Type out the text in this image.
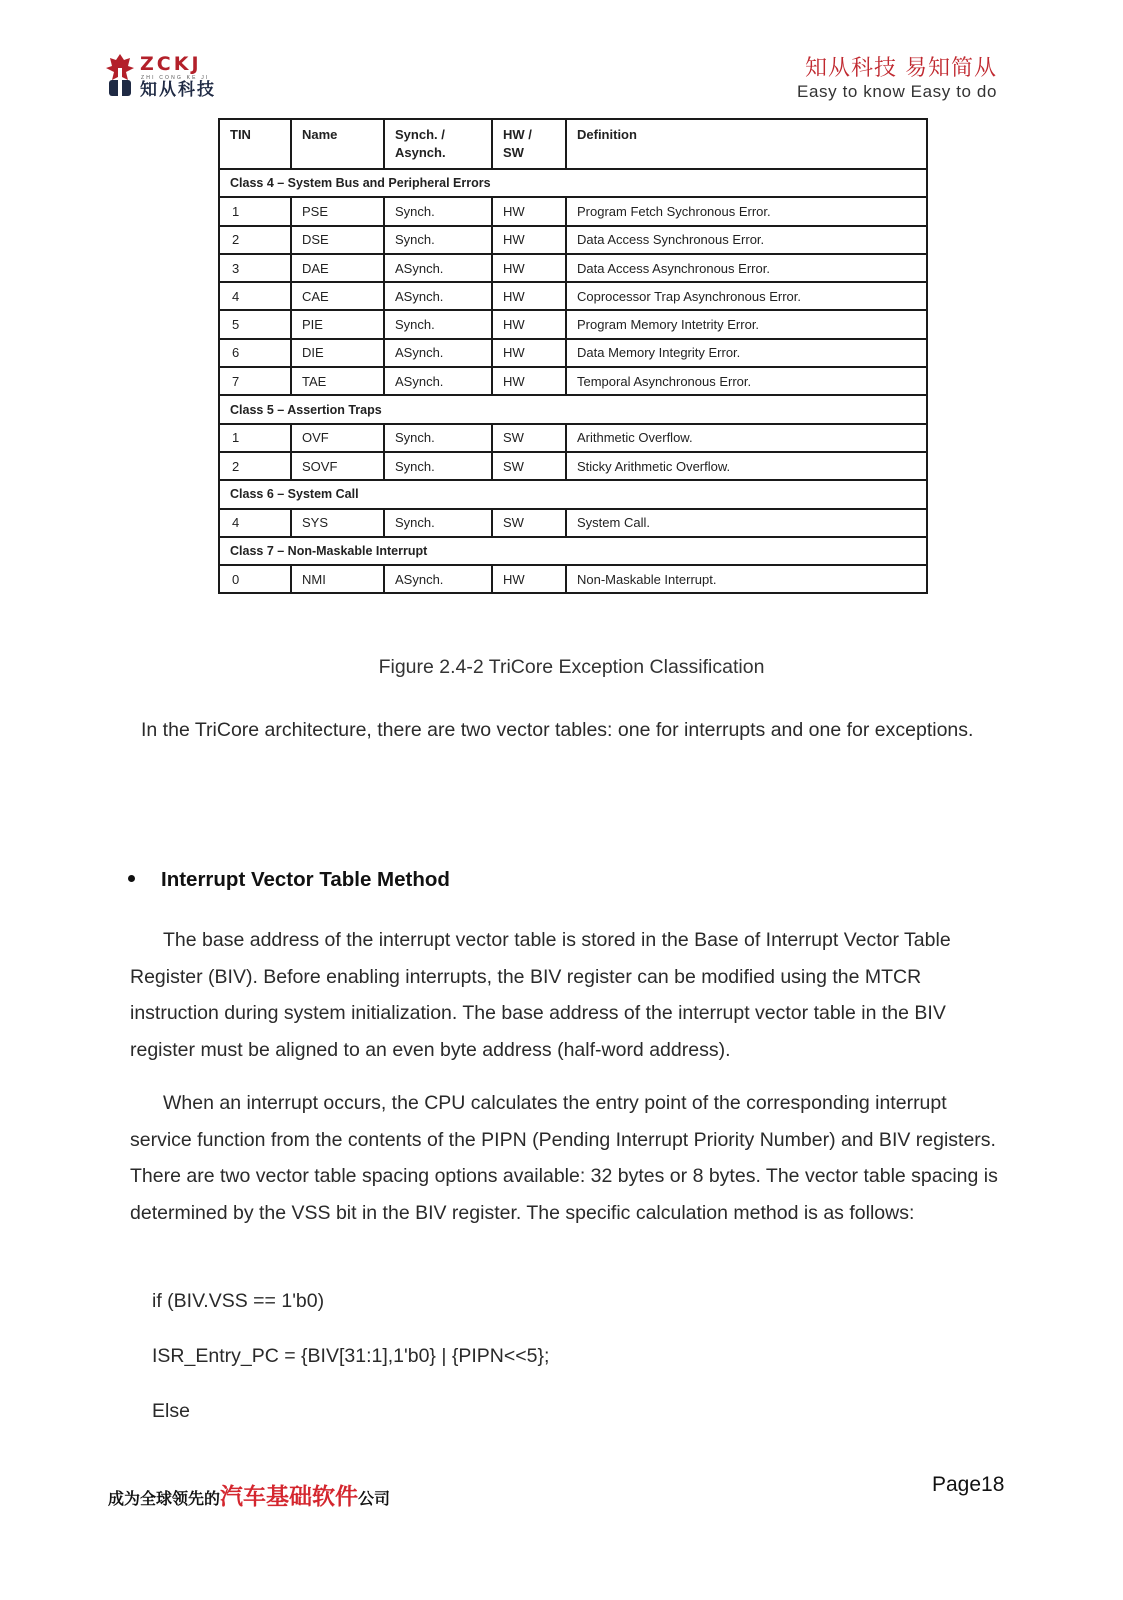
ZCKJ
ZHI CONG KE JI
知从科技
知从科技 易知简从
Easy to know Easy to do
TIN	Name	Synch. / Asynch.	HW / SW	Definition
Class 4 – System Bus and Peripheral Errors				
1	PSE	Synch.	HW	Program Fetch Sychronous Error.
2	DSE	Synch.	HW	Data Access Synchronous Error.
3	DAE	ASynch.	HW	Data Access Asynchronous Error.
4	CAE	ASynch.	HW	Coprocessor Trap Asynchronous Error.
5	PIE	Synch.	HW	Program Memory Intetrity Error.
6	DIE	ASynch.	HW	Data Memory Integrity Error.
7	TAE	ASynch.	HW	Temporal Asynchronous Error.
Class 5 – Assertion Traps				
1	OVF	Synch.	SW	Arithmetic Overflow.
2	SOVF	Synch.	SW	Sticky Arithmetic Overflow.
Class 6 – System Call				
4	SYS	Synch.	SW	System Call.
Class 7 – Non-Maskable Interrupt				
0	NMI	ASynch.	HW	Non-Maskable Interrupt.
Figure 2.4-2 TriCore Exception Classification

In the TriCore architecture, there are two vector tables: one for interrupts and one for exceptions.

Interrupt Vector Table Method

The base address of the interrupt vector table is stored in the Base of Interrupt Vector Table Register (BIV). Before enabling interrupts, the BIV register can be modified using the MTCR instruction during system initialization. The base address of the interrupt vector table in the BIV register must be aligned to an even byte address (half-word address).

When an interrupt occurs, the CPU calculates the entry point of the corresponding interrupt service function from the contents of the PIPN (Pending Interrupt Priority Number) and BIV registers. There are two vector table spacing options available: 32 bytes or 8 bytes. The vector table spacing is determined by the VSS bit in the BIV register. The specific calculation method is as follows:

if (BIV.VSS == 1'b0)
ISR_Entry_PC = {BIV[31:1],1'b0} | {PIPN<<5};
Else
成为全球领先的汽车基础软件公司
Page18
